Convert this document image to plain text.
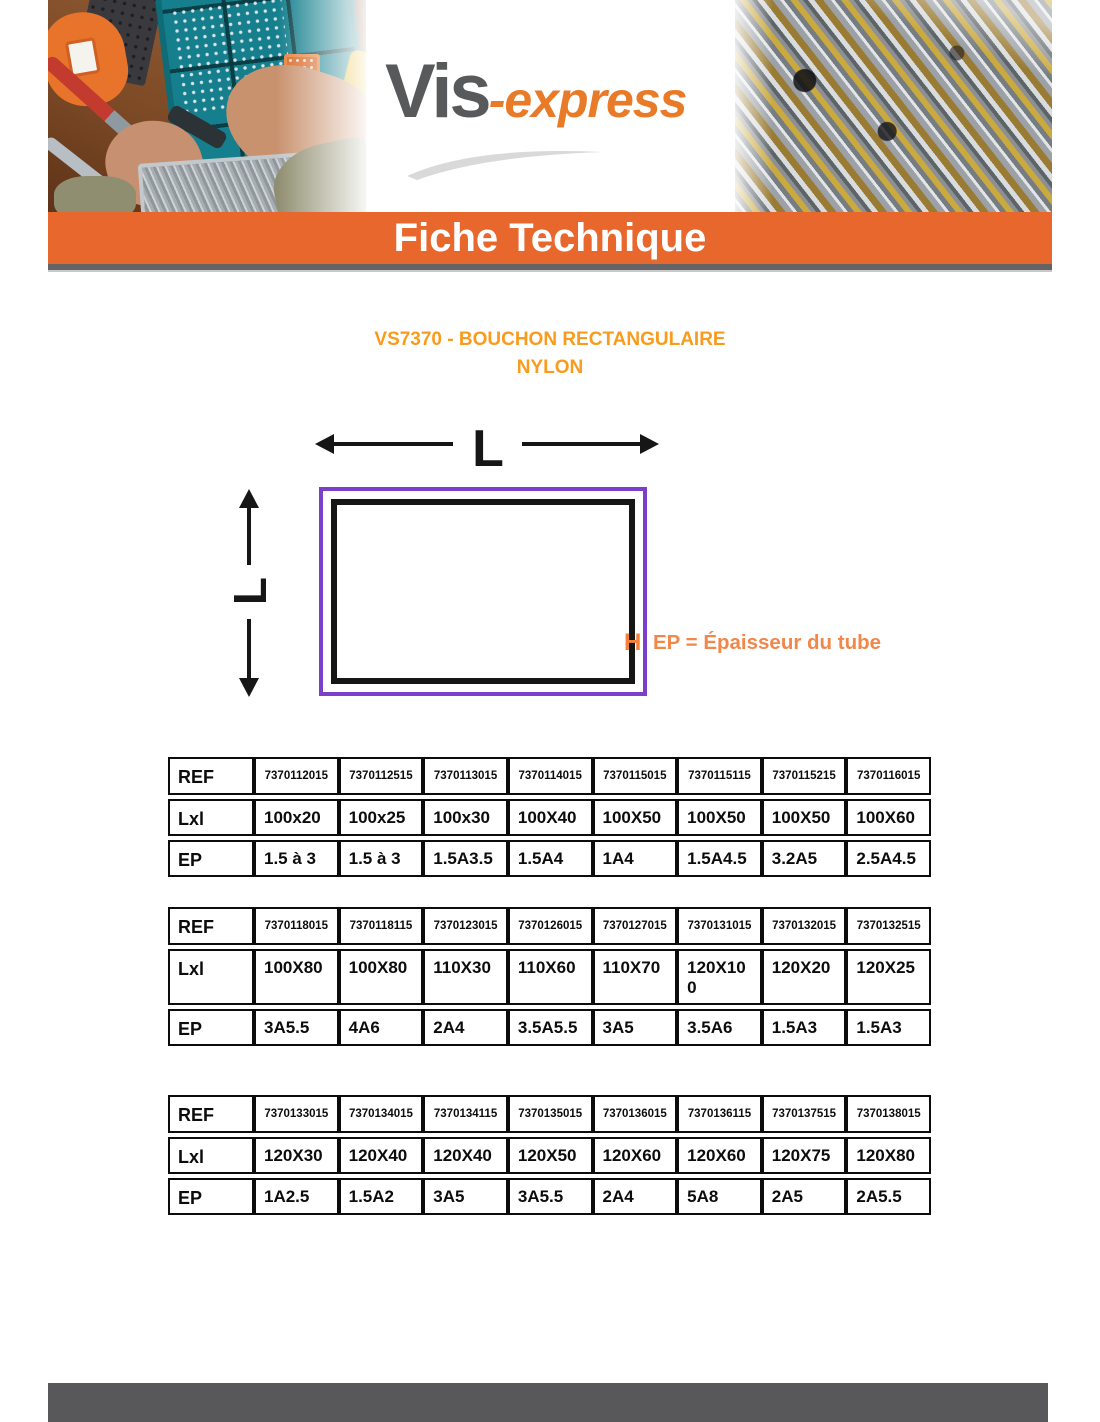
Vis-express
Fiche Technique
VS7370 - BOUCHON RECTANGULAIRE
NYLON
L
L
H EP = Épaisseur du tube
REF	7370112015	7370112515	7370113015	7370114015	7370115015	7370115115	7370115215	7370116015
Lxl	100x20	100x25	100x30	100X40	100X50	100X50	100X50	100X60
EP	1.5 à 3	1.5 à 3	1.5A3.5	1.5A4	1A4	1.5A4.5	3.2A5	2.5A4.5
REF	7370118015	7370118115	7370123015	7370126015	7370127015	7370131015	7370132015	7370132515
Lxl	100X80	100X80	110X30	110X60	110X70	120X100	120X20	120X25
EP	3A5.5	4A6	2A4	3.5A5.5	3A5	3.5A6	1.5A3	1.5A3
REF	7370133015	7370134015	7370134115	7370135015	7370136015	7370136115	7370137515	7370138015
Lxl	120X30	120X40	120X40	120X50	120X60	120X60	120X75	120X80
EP	1A2.5	1.5A2	3A5	3A5.5	2A4	5A8	2A5	2A5.5
